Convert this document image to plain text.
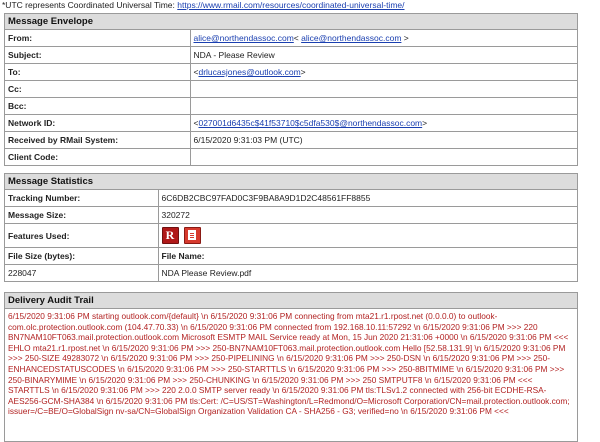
*UTC represents Coordinated Universal Time: https://www.rmail.com/resources/coordinated-universal-time/
Message Envelope
From:	alice@northendassoc.com< alice@northendassoc.com >
Subject:	NDA - Please Review
To:	<drlucasjones@outlook.com>
Cc:	
Bcc:	
Network ID:	<027001d6435c$41f53710$c5dfa530$@northendassoc.com>
Received by RMail System:	6/15/2020 9:31:03 PM (UTC)
Client Code:	
Message Statistics
Tracking Number:	6C6DB2CBC97FAD0C3F9BA8A9D1D2C48561FF8855
Message Size:	320272
Features Used:	R

File Size (bytes):	File Name:
228047	NDA Please Review.pdf
Delivery Audit Trail
6/15/2020 9:31:06 PM starting outlook.com/{default} \n 6/15/2020 9:31:06 PM connecting from mta21.r1.rpost.net (0.0.0.0) to outlook-com.olc.protection.outlook.com (104.47.70.33) \n 6/15/2020 9:31:06 PM connected from 192.168.10.11:57292 \n 6/15/2020 9:31:06 PM >>> 220 BN7NAM10FT063.mail.protection.outlook.com Microsoft ESMTP MAIL Service ready at Mon, 15 Jun 2020 21:31:06 +0000 \n 6/15/2020 9:31:06 PM <<< EHLO mta21.r1.rpost.net \n 6/15/2020 9:31:06 PM >>> 250-BN7NAM10FT063.mail.protection.outlook.com Hello [52.58.131.9] \n 6/15/2020 9:31:06 PM >>> 250-SIZE 49283072 \n 6/15/2020 9:31:06 PM >>> 250-PIPELINING \n 6/15/2020 9:31:06 PM >>> 250-DSN \n 6/15/2020 9:31:06 PM >>> 250-ENHANCEDSTATUSCODES \n 6/15/2020 9:31:06 PM >>> 250-STARTTLS \n 6/15/2020 9:31:06 PM >>> 250-8BITMIME \n 6/15/2020 9:31:06 PM >>> 250-BINARYMIME \n 6/15/2020 9:31:06 PM >>> 250-CHUNKING \n 6/15/2020 9:31:06 PM >>> 250 SMTPUTF8 \n 6/15/2020 9:31:06 PM <<< STARTTLS \n 6/15/2020 9:31:06 PM >>> 220 2.0.0 SMTP server ready \n 6/15/2020 9:31:06 PM tls:TLSv1.2 connected with 256-bit ECDHE-RSA-AES256-GCM-SHA384 \n 6/15/2020 9:31:06 PM tls:Cert: /C=US/ST=Washington/L=Redmond/O=Microsoft Corporation/CN=mail.protection.outlook.com; issuer=/C=BE/O=GlobalSign nv-sa/CN=GlobalSign Organization Validation CA - SHA256 - G3; verified=no \n 6/15/2020 9:31:06 PM <<<
